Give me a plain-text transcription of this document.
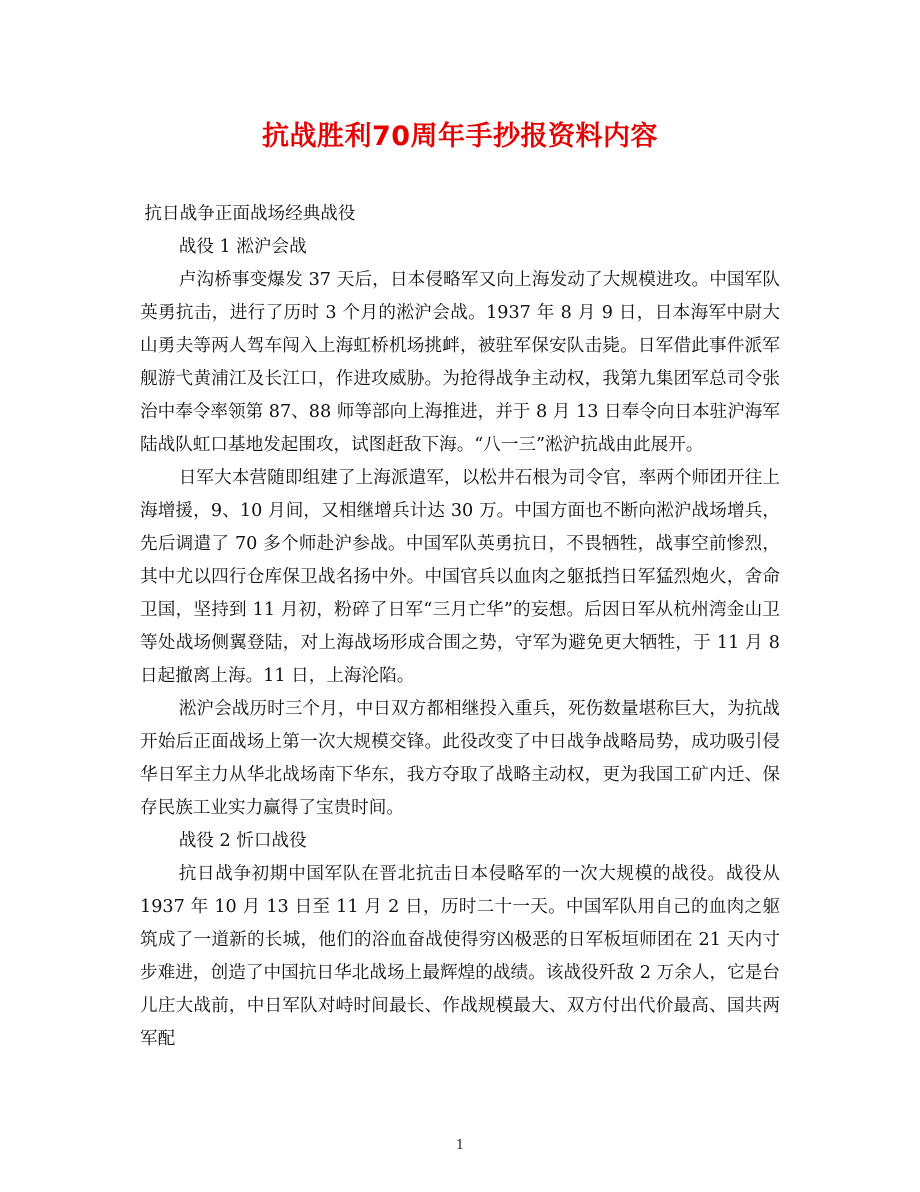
抗战胜利70周年手抄报资料内容

抗日战争正面战场经典战役

战役 1 淞沪会战

卢沟桥事变爆发 37 天后，日本侵略军又向上海发动了大规模进攻。中国军队英勇抗击，进行了历时 3 个月的淞沪会战。1937 年 8 月 9 日，日本海军中尉大山勇夫等两人驾车闯入上海虹桥机场挑衅，被驻军保安队击毙。日军借此事件派军舰游弋黄浦江及长江口，作进攻威胁。为抢得战争主动权，我第九集团军总司令张治中奉令率领第 87、88 师等部向上海推进，并于 8 月 13 日奉令向日本驻沪海军陆战队虹口基地发起围攻，试图赶敌下海。“八一三”淞沪抗战由此展开。

日军大本营随即组建了上海派遣军，以松井石根为司令官，率两个师团开往上海增援，9、10 月间，又相继增兵计达 30 万。中国方面也不断向淞沪战场增兵，先后调遣了 70 多个师赴沪参战。中国军队英勇抗日，不畏牺牲，战事空前惨烈，其中尤以四行仓库保卫战名扬中外。中国官兵以血肉之躯抵挡日军猛烈炮火，舍命卫国，坚持到 11 月初，粉碎了日军“三月亡华”的妄想。后因日军从杭州湾金山卫等处战场侧翼登陆，对上海战场形成合围之势，守军为避免更大牺牲，于 11 月 8 日起撤离上海。11 日，上海沦陷。

淞沪会战历时三个月，中日双方都相继投入重兵，死伤数量堪称巨大，为抗战开始后正面战场上第一次大规模交锋。此役改变了中日战争战略局势，成功吸引侵华日军主力从华北战场南下华东，我方夺取了战略主动权，更为我国工矿内迁、保存民族工业实力赢得了宝贵时间。

战役 2 忻口战役

抗日战争初期中国军队在晋北抗击日本侵略军的一次大规模的战役。战役从 1937 年 10 月 13 日至 11 月 2 日，历时二十一天。中国军队用自己的血肉之躯筑成了一道新的长城，他们的浴血奋战使得穷凶极恶的日军板垣师团在 21 天内寸步难进，创造了中国抗日华北战场上最辉煌的战绩。该战役歼敌 2 万余人，它是台儿庄大战前，中日军队对峙时间最长、作战规模最大、双方付出代价最高、国共两军配

1
